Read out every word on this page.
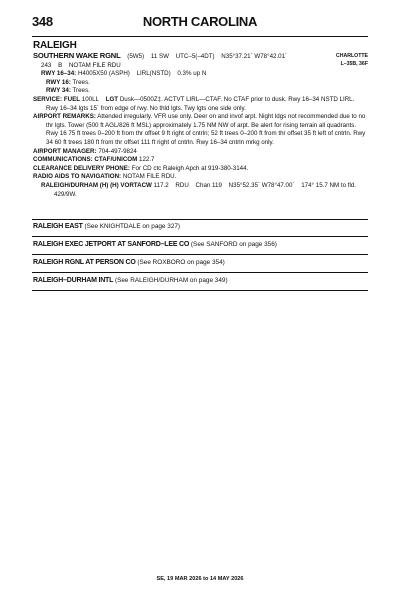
348	NORTH CAROLINA
RALEIGH
CHARLOTTE
L–35B, 36F
SOUTHERN WAKE RGNL (5W5) 11 SW UTC–5(–4DT) N35°37.21´ W78°42.01´
243 B NOTAM FILE RDU
RWY 16–34: H4005X50 (ASPH) LIRL(NSTD) 0.3% up N
RWY 16: Trees.
RWY 34: Trees.
SERVICE: FUEL 100LL LGT Dusk—0500Z‡. ACTVT LIRL—CTAF. No CTAF prior to dusk. Rwy 16–34 NSTD LIRL. Rwy 16–34 lgts 15´ from edge of rwy. No thld lgts. Twy lgts one side only.
AIRPORT REMARKS: Attended irregularly. VFR use only. Deer on and invof arpt. Night ldgs not recommended due to no thr lgts. Tower (500 ft AGL/826 ft MSL) approximately 1.75 NM NW of arpt. Be alert for rising terrain all quadrants. Rwy 16 75 ft trees 0–200 ft from thr offset 9 ft right of cntrln; 52 ft trees 0–200 ft from thr offset 35 ft left of cntrln. Rwy 34 60 ft trees 180 ft from thr offset 111 ft right of cntrln. Rwy 16–34 cntrln mrkg only.
AIRPORT MANAGER: 704-497-9824
COMMUNICATIONS: CTAF/UNICOM 122.7
CLEARANCE DELIVERY PHONE: For CD ctc Raleigh Apch at 919-380-3144.
RADIO AIDS TO NAVIGATION: NOTAM FILE RDU.
RALEIGH/DURHAM (H) (H) VORTACW 117.2 RDU Chan 119 N35°52.35´ W78°47.00´ 174° 15.7 NM to fld. 429/9W.
RALEIGH EAST (See KNIGHTDALE on page 327)
RALEIGH EXEC JETPORT AT SANFORD–LEE CO (See SANFORD on page 356)
RALEIGH RGNL AT PERSON CO (See ROXBORO on page 354)
RALEIGH–DURHAM INTL (See RALEIGH/DURHAM on page 349)
SE, 19 MAR 2026 to 14 MAY 2026
